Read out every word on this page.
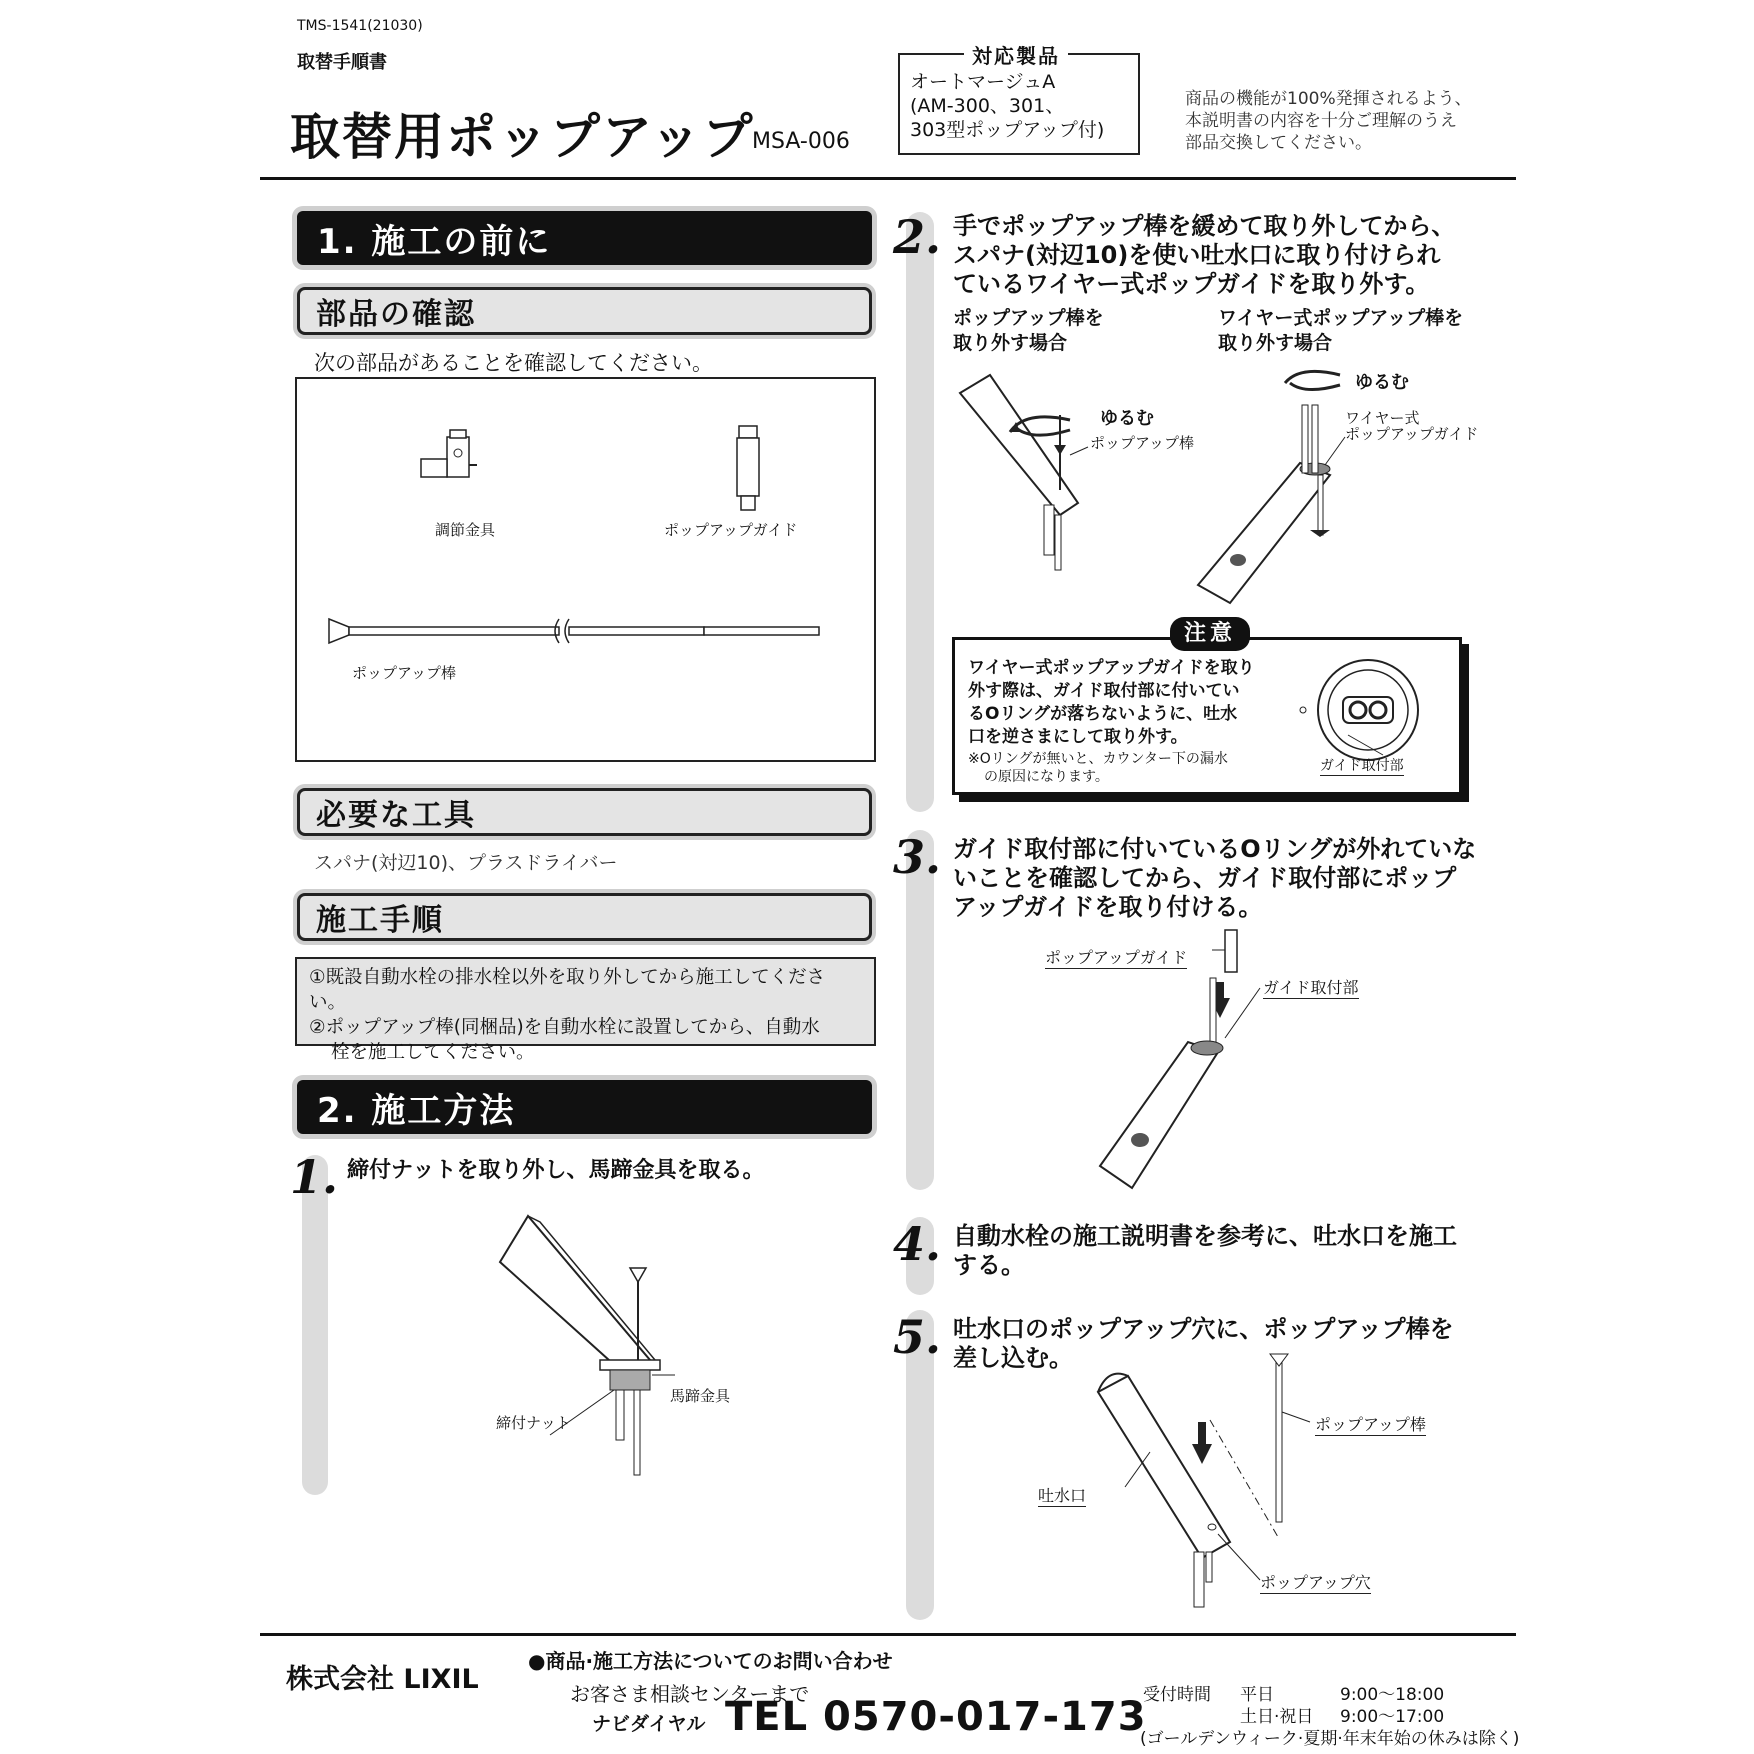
TMS-1541(21030)
取替手順書
取替用ポップアップ
MSA-006
対応製品
オートマージュA
(AM-300、301、
303型ポップアップ付)
商品の機能が100%発揮されるよう、
本説明書の内容を十分ご理解のうえ
部品交換してください。
1. 施工の前に
部品の確認
次の部品があることを確認してください。
調節金具	ポップアップガイド
ポップアップ棒
必要な工具
スパナ(対辺10)、プラスドライバー
施工手順
①既設自動水栓の排水栓以外を取り外してから施工してください。
②ポップアップ棒(同梱品)を自動水栓に設置してから、自動水
栓を施工してください。
2. 施工方法
1. 締付ナットを取り外し、馬蹄金具を取る。
締付ナット
馬蹄金具
2. 手でポップアップ棒を緩めて取り外してから、
スパナ(対辺10)を使い吐水口に取り付けられ
ているワイヤー式ポップガイドを取り外す。
ポップアップ棒を
取り外す場合
ワイヤー式ポップアップ棒を
取り外す場合
ゆるむ
ポップアップ棒
ゆるむ
ワイヤー式
ポップアップガイド
注意
ワイヤー式ポップアップガイドを取り
外す際は、ガイド取付部に付いてい
るOリングが落ちないように、吐水
口を逆さまにして取り外す。
※Oリングが無いと、カウンター下の漏水
の原因になります。
ガイド取付部
3. ガイド取付部に付いているOリングが外れていな
いことを確認してから、ガイド取付部にポップ
アップガイドを取り付ける。
ポップアップガイド
ガイド取付部
4. 自動水栓の施工説明書を参考に、吐水口を施工
する。
5. 吐水口のポップアップ穴に、ポップアップ棒を
差し込む。
ポップアップ棒
吐水口
ポップアップ穴
株式会社 LIXIL
●商品·施工方法についてのお問い合わせ
お客さま相談センターまで
ナビダイヤル TEL 0570-017-173
受付時間 平日	9:00〜18:00
土日·祝日 9:00〜17:00
(ゴールデンウィーク·夏期·年末年始の休みは除く)
